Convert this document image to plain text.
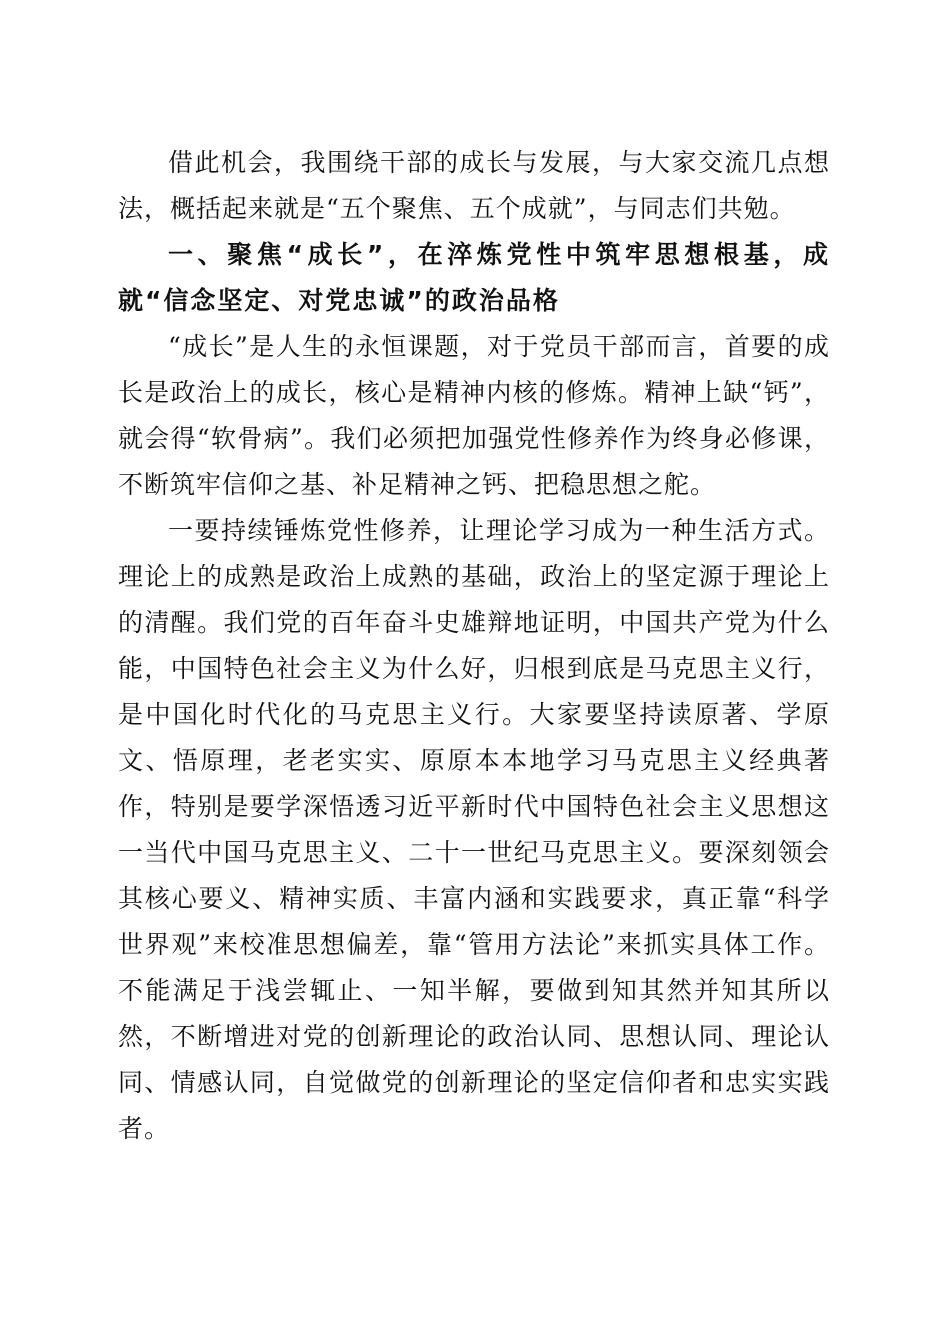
借此机会，我围绕干部的成长与发展，与大家交流几点想法，概括起来就是“五个聚焦、五个成就”，与同志们共勉。

一、聚焦“成长”，在淬炼党性中筑牢思想根基，成就“信念坚定、对党忠诚”的政治品格

“成长”是人生的永恒课题，对于党员干部而言，首要的成长是政治上的成长，核心是精神内核的修炼。精神上缺“钙”，就会得“软骨病”。我们必须把加强党性修养作为终身必修课，不断筑牢信仰之基、补足精神之钙、把稳思想之舵。

一要持续锤炼党性修养，让理论学习成为一种生活方式。理论上的成熟是政治上成熟的基础，政治上的坚定源于理论上的清醒。我们党的百年奋斗史雄辩地证明，中国共产党为什么能，中国特色社会主义为什么好，归根到底是马克思主义行，是中国化时代化的马克思主义行。大家要坚持读原著、学原文、悟原理，老老实实、原原本本地学习马克思主义经典著作，特别是要学深悟透习近平新时代中国特色社会主义思想这一当代中国马克思主义、二十一世纪马克思主义。要深刻领会其核心要义、精神实质、丰富内涵和实践要求，真正靠“科学世界观”来校准思想偏差，靠“管用方法论”来抓实具体工作。不能满足于浅尝辄止、一知半解，要做到知其然并知其所以然，不断增进对党的创新理论的政治认同、思想认同、理论认同、情感认同，自觉做党的创新理论的坚定信仰者和忠实实践者。
